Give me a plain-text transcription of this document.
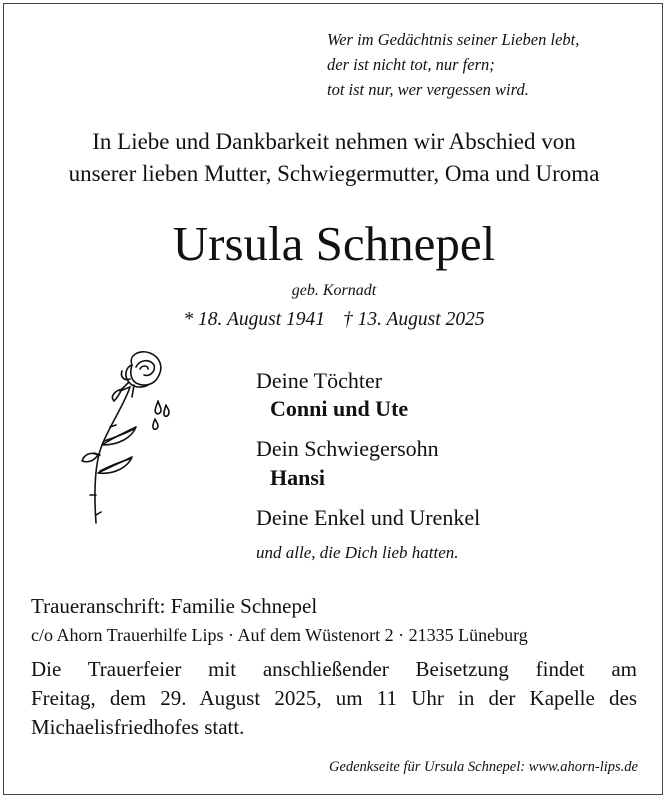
Wer im Gedächtnis seiner Lieben lebt,
der ist nicht tot, nur fern;
tot ist nur, wer vergessen wird.
In Liebe und Dankbarkeit nehmen wir Abschied von
unserer lieben Mutter, Schwiegermutter, Oma und Uroma
Ursula Schnepel
geb. Kornadt
* 18. August 1941 † 13. August 2025
Deine Töchter
Conni und Ute
Dein Schwiegersohn
Hansi
Deine Enkel und Urenkel
und alle, die Dich lieb hatten.
Traueranschrift: Familie Schnepel
c/o Ahorn Trauerhilfe Lips · Auf dem Wüstenort 2 · 21335 Lüneburg
Die Trauerfeier mit anschließender Beisetzung findet am
Freitag, dem 29. August 2025, um 11 Uhr in der Kapelle des
Michaelisfriedhofes statt.
Gedenkseite für Ursula Schnepel: www.ahorn-lips.de
